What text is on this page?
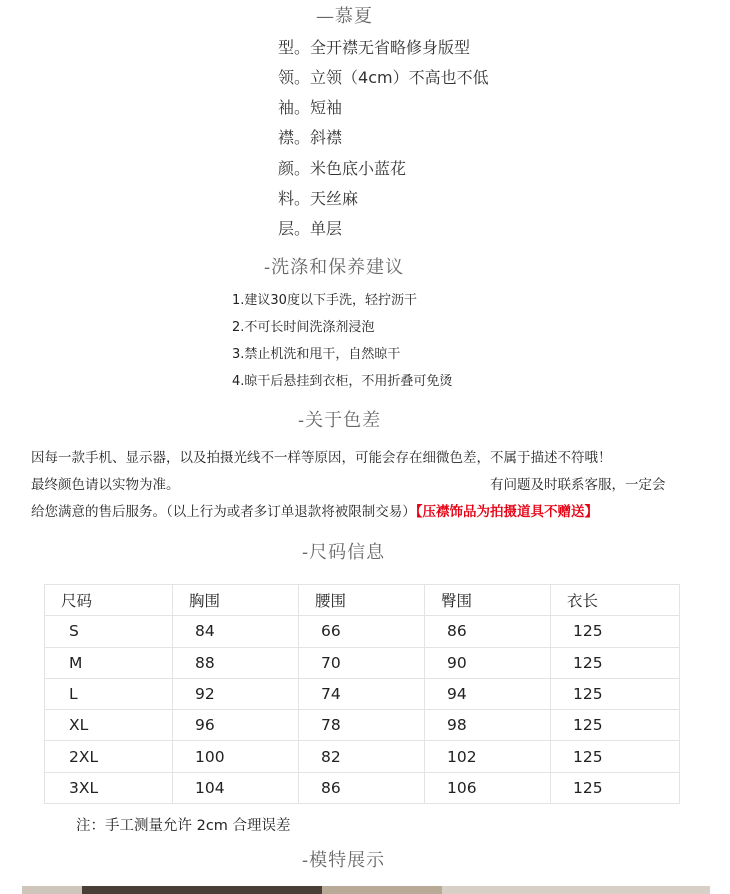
—慕夏
型。全开襟无省略修身版型
领。立领（4cm）不高也不低
袖。短袖
襟。斜襟
颜。米色底小蓝花
料。天丝麻
层。单层
-洗涤和保养建议
1.建议30度以下手洗，轻拧沥干
2.不可长时间洗涤剂浸泡
3.禁止机洗和甩干，自然晾干
4.晾干后悬挂到衣柜，不用折叠可免烫
-关于色差
因每一款手机、显示器，以及拍摄光线不一样等原因，可能会存在细微色差，不属于描述不符哦！
最终颜色请以实物为准。	有问题及时联系客服，一定会
给您满意的售后服务。（以上行为或者多订单退款将被限制交易）【压襟饰品为拍摄道具不赠送】
-尺码信息
尺码	胸围	腰围	臀围	衣长
S	84	66	86	125
M	88	70	90	125
L	92	74	94	125
XL	96	78	98	125
2XL	100	82	102	125
3XL	104	86	106	125
注：手工测量允许 2cm 合理误差
-模特展示
